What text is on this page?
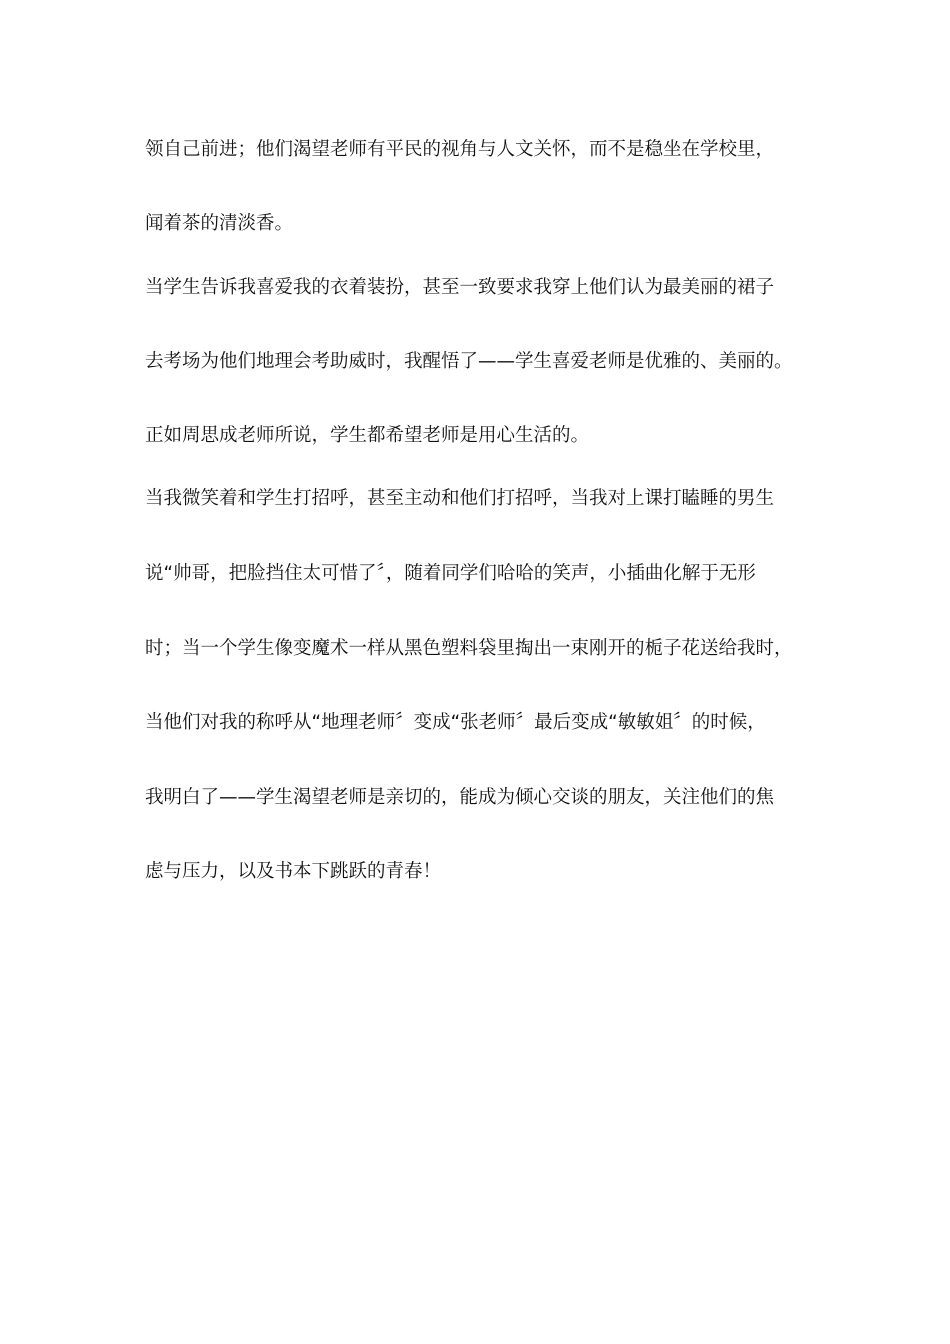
领自己前进；他们渴望老师有平民的视角与人文关怀，而不是稳坐在学校里，
闻着茶的清淡香。
当学生告诉我喜爱我的衣着装扮，甚至一致要求我穿上他们认为最美丽的裙子
去考场为他们地理会考助威时，我醒悟了——学生喜爱老师是优雅的、美丽的。
正如周思成老师所说，学生都希望老师是用心生活的。
当我微笑着和学生打招呼，甚至主动和他们打招呼，当我对上课打瞌睡的男生
说“帅哥，把脸挡住太可惜了〞，随着同学们哈哈的笑声，小插曲化解于无形
时；当一个学生像变魔术一样从黑色塑料袋里掏出一束刚开的栀子花送给我时，
当他们对我的称呼从“地理老师〞变成“张老师〞最后变成“敏敏姐〞的时候，
我明白了——学生渴望老师是亲切的，能成为倾心交谈的朋友，关注他们的焦
虑与压力，以及书本下跳跃的青春！
